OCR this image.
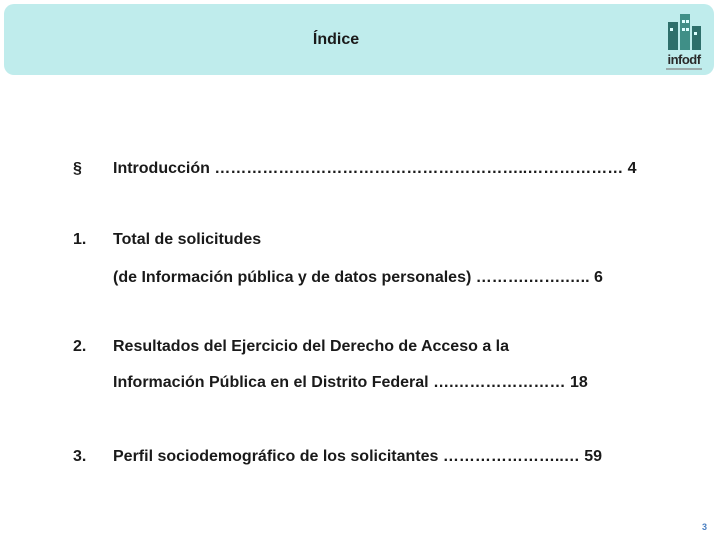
Índice
infodf
§ Introducción …………………………………………………..……………… 4
1. Total de solicitudes
(de Información pública y de datos personales) ……….…….….. 6
2. Resultados del Ejercicio del Derecho de Acceso a la
Información Pública en el Distrito Federal ….………………… 18
3. Perfil sociodemográfico de los solicitantes …………………..… 59
3
